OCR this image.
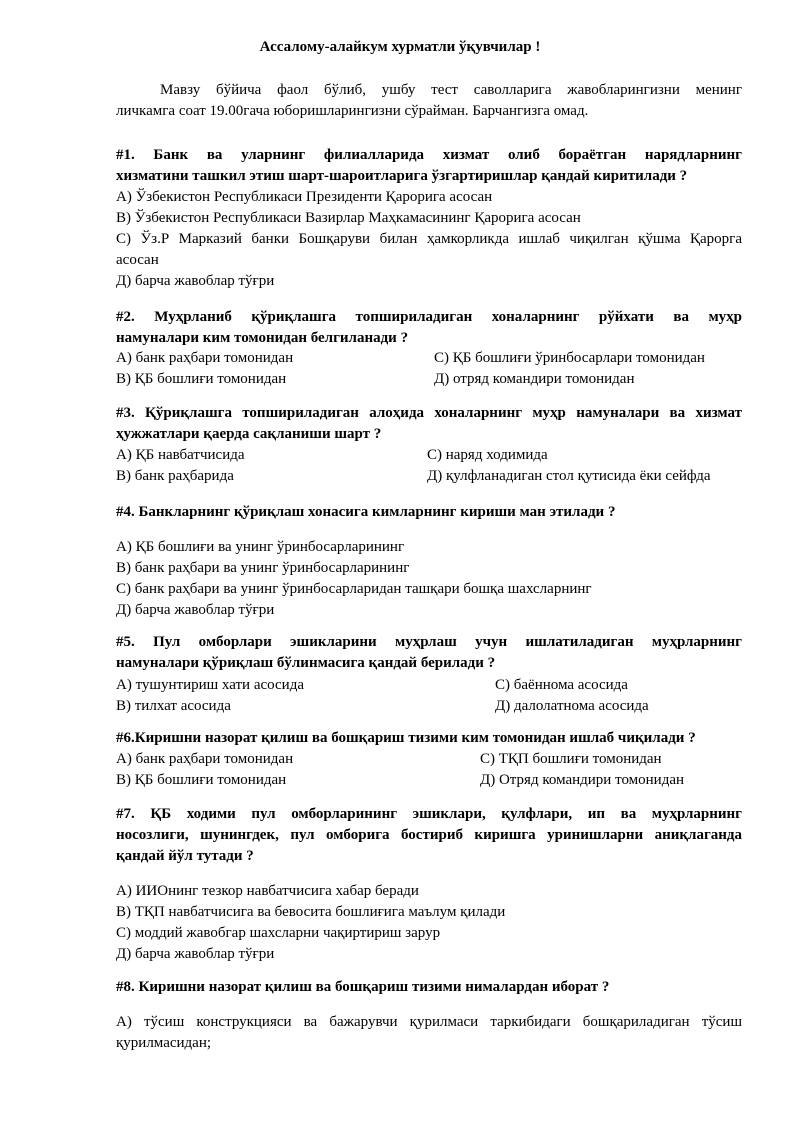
Ассалому-алайкум хурматли ўқувчилар !
Мавзу бўйича фаол бўлиб, ушбу тест саволларига жавобларингизни менинг
личкамга соат 19.00гача юборишларингизни сўрайман. Барчангизга омад.
#1. Банк ва уларнинг филиалларида хизмат олиб бораётган нарядларнинг
хизматини ташкил этиш шарт-шароитларига ўзгартиришлар қандай киритилади ?
А) Ўзбекистон Республикаси Президенти Қарорига асосан
В) Ўзбекистон Республикаси Вазирлар Маҳкамасининг Қарорига асосан
С) Ўз.Р Марказий банки Бошқаруви билан ҳамкорликда ишлаб чиқилган қўшма Қарорга
асосан
Д) барча жавоблар тўғри
#2. Муҳрланиб қўриқлашга топшириладиган хоналарнинг рўйхати ва муҳр
намуналари ким томонидан белгиланади ?
А) банк раҳбари томонидан	С) ҚБ бошлиғи ўринбосарлари томонидан
В) ҚБ бошлиғи томонидан	Д) отряд командири томонидан
#3. Қўриқлашга топшириладиган алоҳида хоналарнинг муҳр намуналари ва хизмат
ҳужжатлари қаерда сақланиши шарт ?
А) ҚБ навбатчисида	С) наряд ходимида
В) банк раҳбарида	Д) қулфланадиган стол қутисида ёки сейфда
#4. Банкларнинг қўриқлаш хонасига кимларнинг кириши ман этилади ?
А) ҚБ бошлиғи ва унинг ўринбосарларининг
В) банк раҳбари ва унинг ўринбосарларининг
С) банк раҳбари ва унинг ўринбосарларидан ташқари бошқа шахсларнинг
Д) барча жавоблар тўғри
#5. Пул омборлари эшикларини муҳрлаш учун ишлатиладиган муҳрларнинг
намуналари қўриқлаш бўлинмасига қандай берилади ?
А) тушунтириш хати асосида	С) баённома асосида
В) тилхат асосида	Д) далолатнома асосида
#6.Киришни назорат қилиш ва бошқариш тизими ким томонидан ишлаб чиқилади ?
А) банк раҳбари томонидан	С) ТҚП бошлиғи томонидан
В) ҚБ бошлиғи томонидан	Д) Отряд командири томонидан
#7. ҚБ ходими пул омборларининг эшиклари, қулфлари, ип ва муҳрларнинг
носозлиги, шунингдек, пул омборига бостириб киришга уринишларни аниқлаганда
қандай йўл тутади ?
А) ИИОнинг тезкор навбатчисига хабар беради
В) ТҚП навбатчисига ва бевосита бошлиғига маълум қилади
С) моддий жавобгар шахсларни чақиртириш зарур
Д) барча жавоблар тўғри
#8. Киришни назорат қилиш ва бошқариш тизими нималардан иборат ?
А) тўсиш конструкцияси ва бажарувчи қурилмаси таркибидаги бошқариладиган тўсиш
қурилмасидан;
